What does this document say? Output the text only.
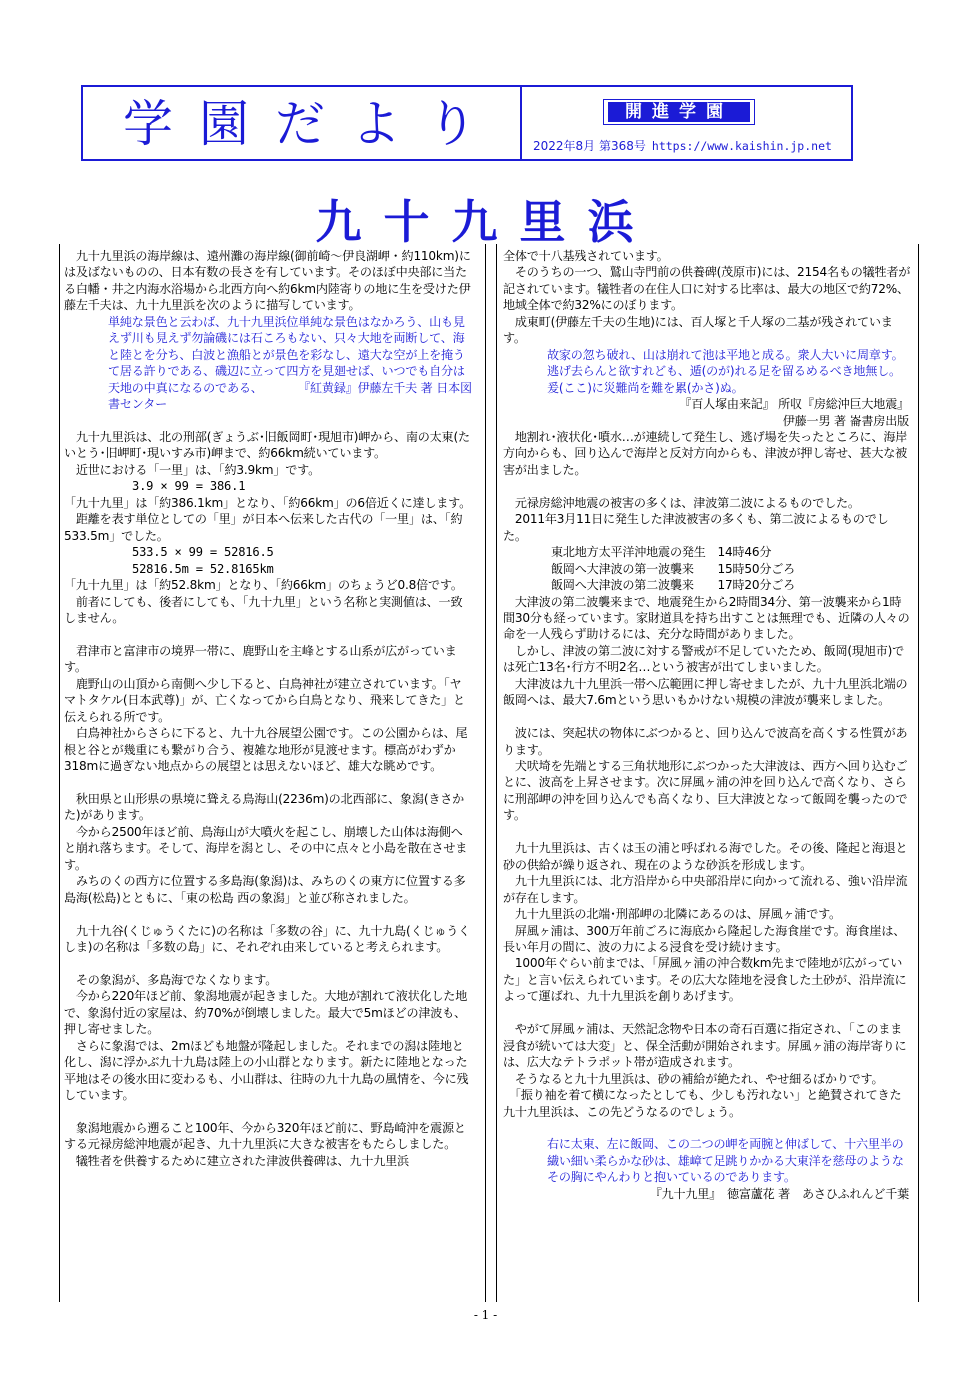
学園だより	開進学園
2022年8月 第368号 https://www.kaishin.jp.net
九十九里浜

　九十九里浜の海岸線は、遠州灘の海岸線(御前崎～伊良湖岬・約110km)には及ばないものの、日本有数の長さを有しています。そのほぼ中央部に当たる白幡・井之内海水浴場から北西方向へ約6km内陸寄りの地に生を受けた伊藤左千夫は、九十九里浜を次のように描写しています。

単純な景色と云わば、九十九里浜位単純な景色はなかろう、山も見えず川も見えず勿論磯には石ころもない、只々大地を両断して、海と陸とを分ち、白波と漁船とが景色を彩なし、遠大な空が上を掩うて居る許りである、磯辺に立って四方を見廻せば、いつでも自分は天地の中真になるのである、　　　　『紅黄録』伊藤左千夫 著 日本図書センター

　九十九里浜は、北の刑部(ぎょうぶ･旧飯岡町･現旭市)岬から、南の太東(たいとう･旧岬町･現いすみ市)岬まで、約66km続いています。

　近世における「一里」は、「約3.9km」です。

3.9 × 99 = 386.1

「九十九里」は「約386.1km」となり、「約66km」の6倍近くに達します。

　距離を表す単位としての「里」が日本へ伝来した古代の「一里」は、「約533.5m」でした。

533.5 × 99 = 52816.5

52816.5m = 52.8165km

「九十九里」は「約52.8km」となり、「約66km」のちょうど0.8倍です。

　前者にしても、後者にしても、「九十九里」という名称と実測値は、一致しません。

　君津市と富津市の境界一帯に、鹿野山を主峰とする山系が広がっています。

　鹿野山の山頂から南側へ少し下ると、白鳥神社が建立されています。「ヤマトタケル(日本武尊)」が、亡くなってから白鳥となり、飛来してきた」と伝えられる所です。

　白鳥神社からさらに下ると、九十九谷展望公園です。この公園からは、尾根と谷とが幾重にも繋がり合う、複雑な地形が見渡せます。標高がわずか318mに過ぎない地点からの展望とは思えないほど、雄大な眺めです。

　秋田県と山形県の県境に聳える鳥海山(2236m)の北西部に、象潟(きさかた)があります。

　今から2500年ほど前、鳥海山が大噴火を起こし、崩壊した山体は海側へと崩れ落ちます。そして、海岸を潟とし、その中に点々と小島を散在させます。

　みちのくの西方に位置する多島海(象潟)は、みちのくの東方に位置する多島海(松島)とともに、「東の松島 西の象潟」と並び称されました。

　九十九谷(くじゅうくたに)の名称は「多数の谷」に、九十九島(くじゅうくしま)の名称は「多数の島」に、それぞれ由来していると考えられます。

　その象潟が、多島海でなくなります。

　今から220年ほど前、象潟地震が起きました。大地が割れて液状化した地で、象潟付近の家屋は、約70%が倒壊しました。最大で5mほどの津波も、押し寄せました。

　さらに象潟では、2mほども地盤が隆起しました。それまでの潟は陸地と化し、潟に浮かぶ九十九島は陸上の小山群となります。新たに陸地となった平地はその後水田に変わるも、小山群は、往時の九十九島の風情を、今に残しています。

　象潟地震から遡ること100年、今から320年ほど前に、野島崎沖を震源とする元禄房総沖地震が起き、九十九里浜に大きな被害をもたらしました。

　犠牲者を供養するために建立された津波供養碑は、九十九里浜

全体で十八基残されています。

　そのうちの一つ、鷲山寺門前の供養碑(茂原市)には、2154名もの犠牲者が記されています。犠牲者の在住人口に対する比率は、最大の地区で約72%、地域全体で約32%にのぼります。

　成東町(伊藤左千夫の生地)には、百人塚と千人塚の二基が残されています。

故家の忽ち破れ、山は崩れて池は平地と成る。衆人大いに周章す。逃げ去らんと欲すれども、遁(のが)れる足を留るめるべき地無し。爰(ここ)に災難尚を難を累(かさ)ぬ。

『百人塚由来記』 所収『房総沖巨大地震』

伊藤一男 著 崙書房出版

　地割れ･液状化･噴水…が連続して発生し、逃げ場を失ったところに、海岸方向からも、回り込んで海岸と反対方向からも、津波が押し寄せ、甚大な被害が出ました。

　元禄房総沖地震の被害の多くは、津波第二波によるものでした。

　2011年3月11日に発生した津波被害の多くも、第二波によるものでした。

東北地方太平洋沖地震の発生　14時46分

飯岡へ大津波の第一波襲来　　15時50分ごろ

飯岡へ大津波の第二波襲来　　17時20分ごろ

　大津波の第二波襲来まで、地震発生から2時間34分、第一波襲来から1時間30分も経っています。家財道具を持ち出すことは無理でも、近隣の人々の命を一人残らず助けるには、充分な時間がありました。

　しかし、津波の第二波に対する警戒が不足していたため、飯岡(現旭市)では死亡13名･行方不明2名…という被害が出てしまいました。

　大津波は九十九里浜一帯へ広範囲に押し寄せましたが、九十九里浜北端の飯岡へは、最大7.6mという思いもかけない規模の津波が襲来しました。

　波には、突起状の物体にぶつかると、回り込んで波高を高くする性質があります。

　犬吠埼を先端とする三角状地形にぶつかった大津波は、西方へ回り込むごとに、波高を上昇させます。次に屏風ヶ浦の沖を回り込んで高くなり、さらに刑部岬の沖を回り込んでも高くなり、巨大津波となって飯岡を襲ったのです。

　九十九里浜は、古くは玉の浦と呼ばれる海でした。その後、隆起と海退と砂の供給が繰り返され、現在のような砂浜を形成します。

　九十九里浜には、北方沿岸から中央部沿岸に向かって流れる、強い沿岸流が存在します。

　九十九里浜の北端･刑部岬の北隣にあるのは、屏風ヶ浦です。

　屏風ヶ浦は、300万年前ごろに海底から隆起した海食崖です。海食崖は、長い年月の間に、波の力による浸食を受け続けます。

　1000年ぐらい前までは、「屏風ヶ浦の沖合数km先まで陸地が広がっていた」と言い伝えられています。その広大な陸地を浸食した土砂が、沿岸流によって運ばれ、九十九里浜を創りあげます。

　やがて屏風ヶ浦は、天然記念物や日本の奇石百選に指定され、「このまま浸食が続いては大変」と、保全活動が開始されます。屏風ヶ浦の海岸寄りには、広大なテトラポット帯が造成されます。

　そうなると九十九里浜は、砂の補給が絶たれ、やせ細るばかりです。

　「振り袖を着て横になったとしても、少しも汚れない」と絶賛されてきた九十九里浜は、この先どうなるのでしょう。

右に太東、左に飯岡、この二つの岬を両腕と伸ばして、十六里半の繊い細い柔らかな砂は、雄嶂て足跳りかかる大東洋を慈母のようなその胸にやんわりと抱いているのであります。

『九十九里』　徳富蘆花 著　あさひふれんど千葉

- 1 -
